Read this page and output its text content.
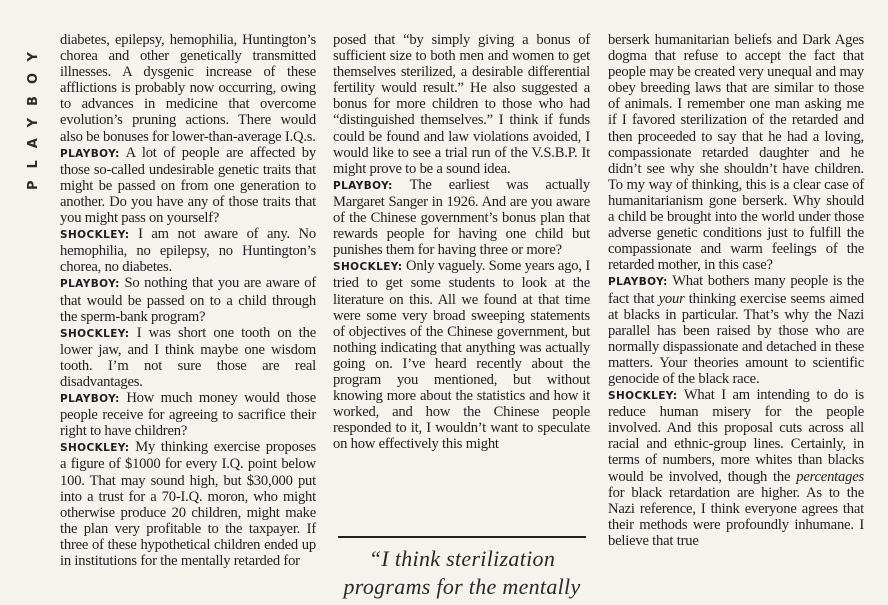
PLAYBOY

diabetes, epilepsy, hemophilia, Huntington’s chorea and other genetically transmitted illnesses. A dysgenic increase of these afflictions is probably now occurring, owing to advances in medicine that overcome evolution’s pruning actions. There would also be bonuses for lower-than-average I.Q.s.

PLAYBOY: A lot of people are affected by those so-called undesirable genetic traits that might be passed on from one generation to another. Do you have any of those traits that you might pass on yourself?

SHOCKLEY: I am not aware of any. No hemophilia, no epilepsy, no Huntington’s chorea, no diabetes.

PLAYBOY: So nothing that you are aware of that would be passed on to a child through the sperm-bank program?

SHOCKLEY: I was short one tooth on the lower jaw, and I think maybe one wisdom tooth. I’m not sure those are real disadvantages.

PLAYBOY: How much money would those people receive for agreeing to sacrifice their right to have children?

SHOCKLEY: My thinking exercise proposes a figure of $1000 for every I.Q. point below 100. That may sound high, but $30,000 put into a trust for a 70-I.Q. moron, who might otherwise produce 20 children, might make the plan very profitable to the taxpayer. If three of these hypothetical children ended up in institutions for the mentally retarded for

posed that “by simply giving a bonus of sufficient size to both men and women to get themselves sterilized, a desirable differential fertility would result.” He also suggested a bonus for more children to those who had “distinguished themselves.” I think if funds could be found and law violations avoided, I would like to see a trial run of the V.S.B.P. It might prove to be a sound idea.

PLAYBOY: The earliest was actually Margaret Sanger in 1926. And are you aware of the Chinese government’s bonus plan that rewards people for having one child but punishes them for having three or more?

SHOCKLEY: Only vaguely. Some years ago, I tried to get some students to look at the literature on this. All we found at that time were some very broad sweeping statements of objectives of the Chinese government, but nothing indicating that anything was actually going on. I’ve heard recently about the program you mentioned, but without knowing more about the statistics and how it worked, and how the Chinese people responded to it, I wouldn’t want to speculate on how effectively this might

“I think sterilization programs for the mentally

berserk humanitarian beliefs and Dark Ages dogma that refuse to accept the fact that people may be created very unequal and may obey breeding laws that are similar to those of animals. I remember one man asking me if I favored sterilization of the retarded and then proceeded to say that he had a loving, compassionate retarded daughter and he didn’t see why she shouldn’t have children. To my way of thinking, this is a clear case of humanitarianism gone berserk. Why should a child be brought into the world under those adverse genetic conditions just to fulfill the compassionate and warm feelings of the retarded mother, in this case?

PLAYBOY: What bothers many people is the fact that your thinking exercise seems aimed at blacks in particular. That’s why the Nazi parallel has been raised by those who are normally dispassionate and detached in these matters. Your theories amount to scientific genocide of the black race.

SHOCKLEY: What I am intending to do is reduce human misery for the people involved. And this proposal cuts across all racial and ethnic-group lines. Certainly, in terms of numbers, more whites than blacks would be involved, though the percentages for black retardation are higher. As to the Nazi reference, I think everyone agrees that their methods were profoundly inhumane. I believe that true
